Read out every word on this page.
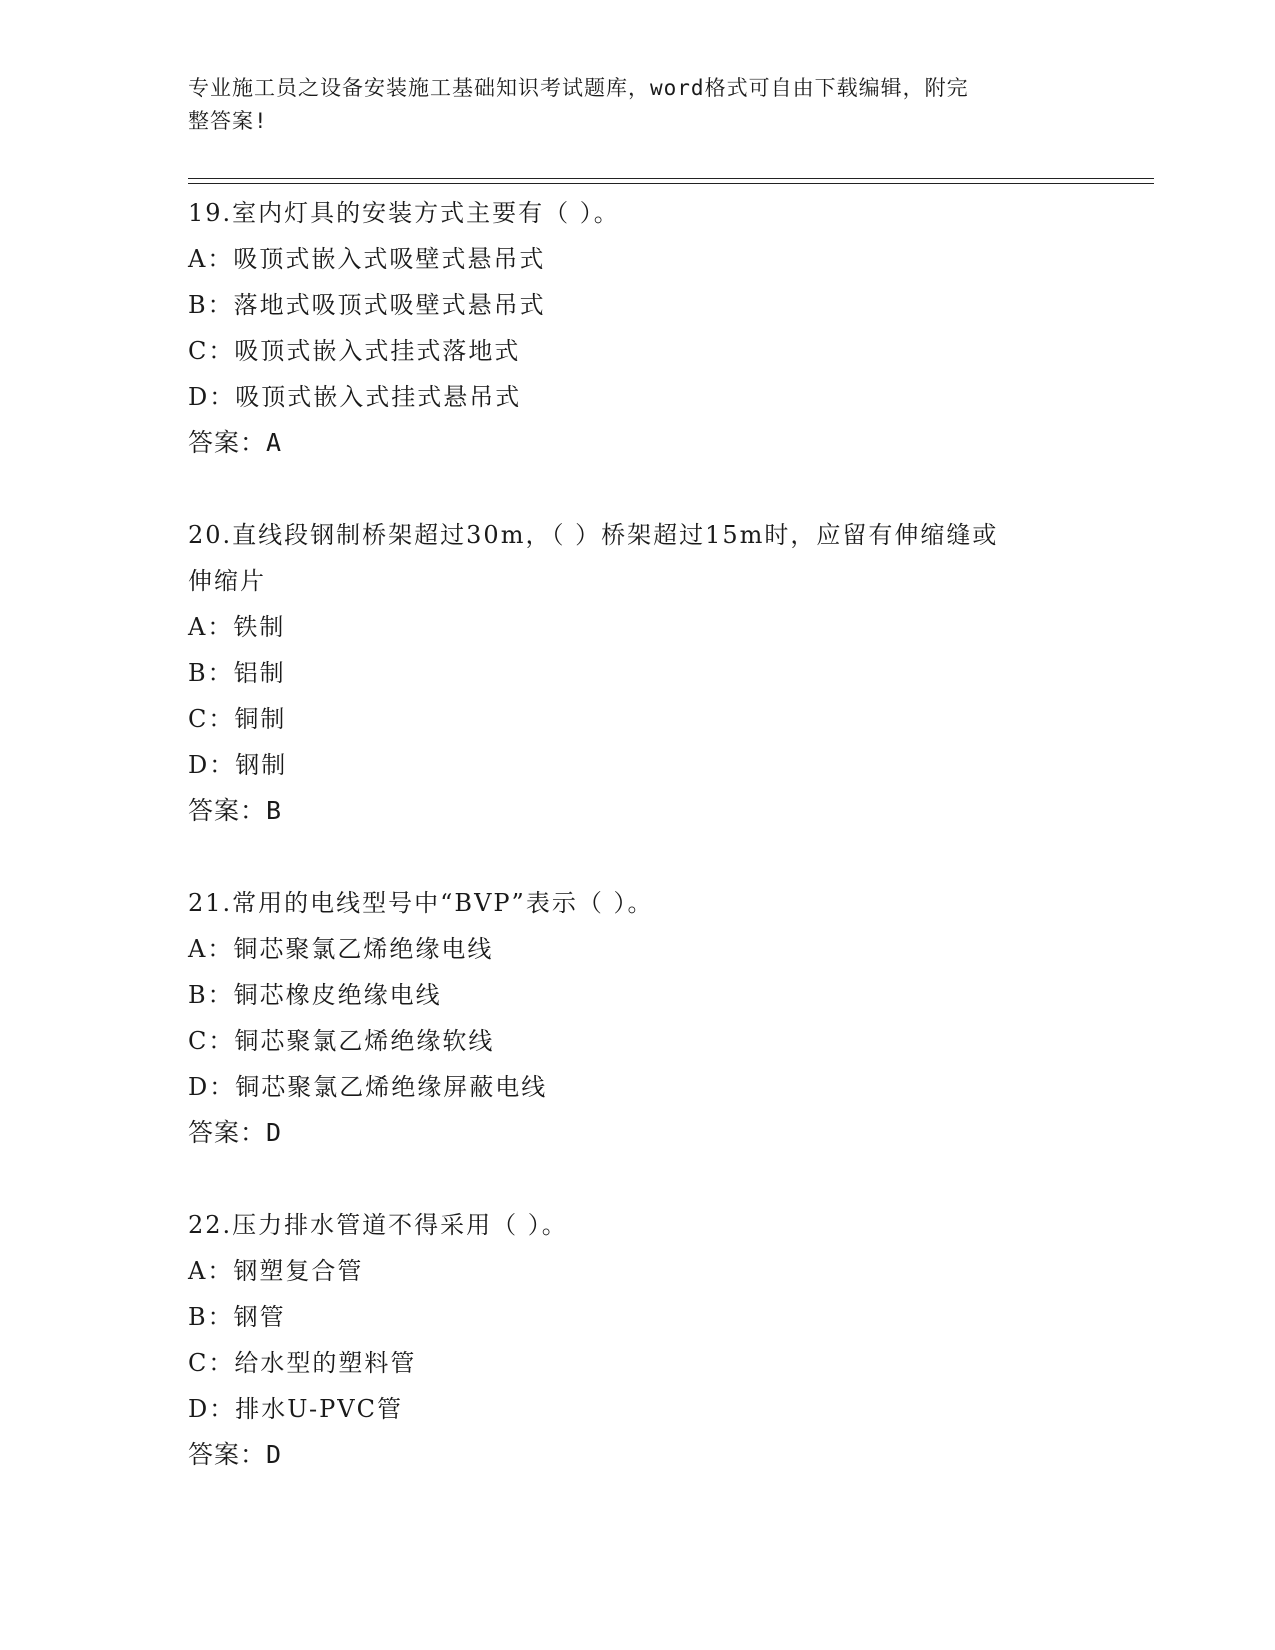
专业施工员之设备安装施工基础知识考试题库，word格式可自由下载编辑，附完
整答案!
19.室内灯具的安装方式主要有（ ）。
A：吸顶式嵌入式吸壁式悬吊式
B：落地式吸顶式吸壁式悬吊式
C：吸顶式嵌入式挂式落地式
D：吸顶式嵌入式挂式悬吊式
答案：A
20.直线段钢制桥架超过30m，（ ）桥架超过15m时，应留有伸缩缝或
伸缩片
A：铁制
B：铝制
C：铜制
D：钢制
答案：B
21.常用的电线型号中“BVP”表示（ ）。
A：铜芯聚氯乙烯绝缘电线
B：铜芯橡皮绝缘电线
C：铜芯聚氯乙烯绝缘软线
D：铜芯聚氯乙烯绝缘屏蔽电线
答案：D
22.压力排水管道不得采用（ ）。
A：钢塑复合管
B：钢管
C：给水型的塑料管
D：排水U-PVC管
答案：D
